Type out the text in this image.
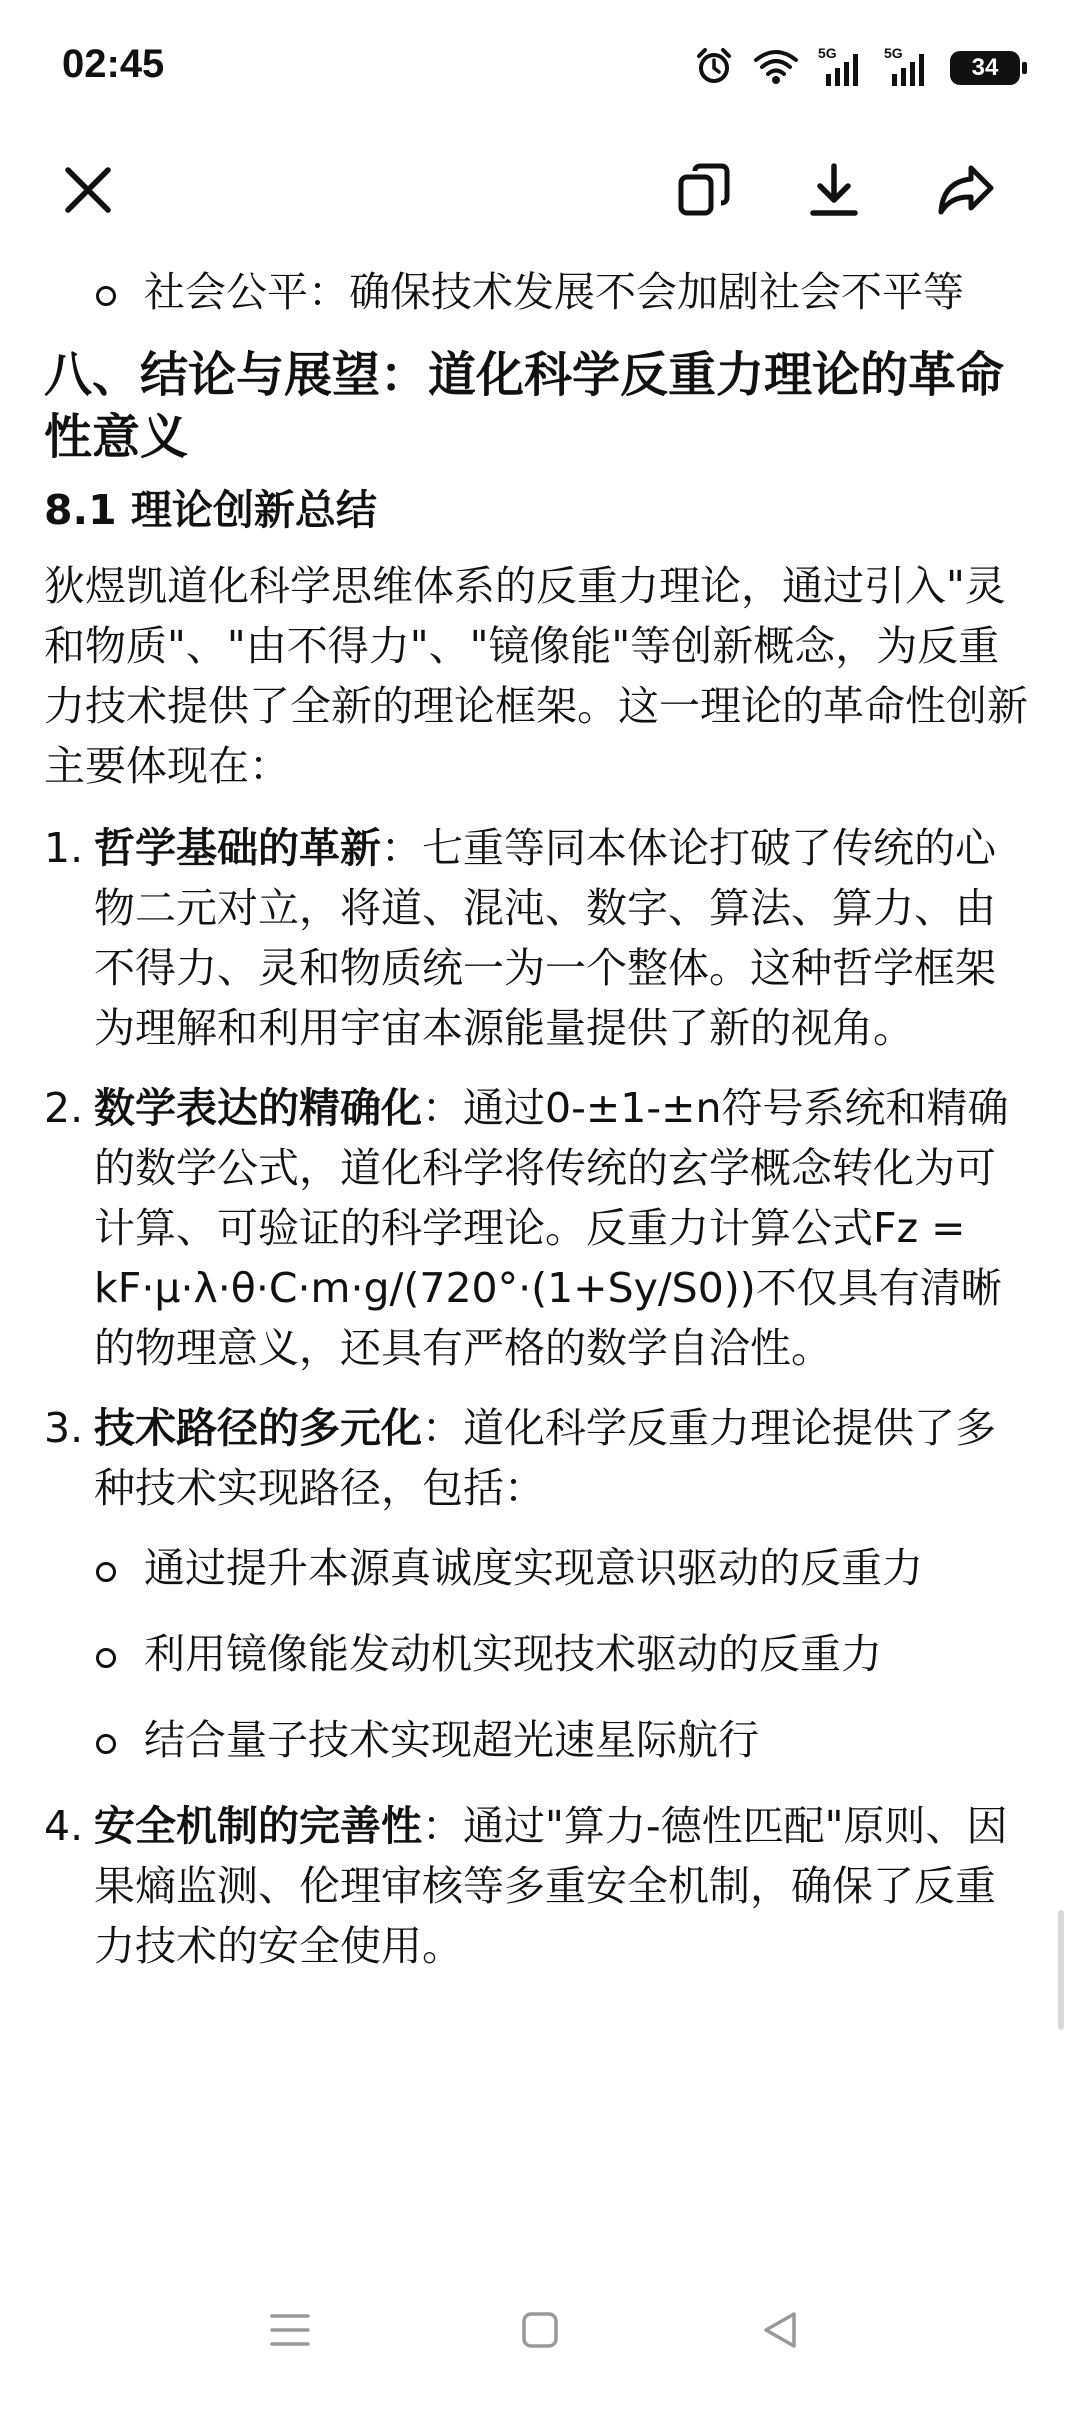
02:45	5G	5G
34
社会公平：确保技术发展不会加剧社会不平等
八、结论与展望：道化科学反重力理论的革命性意义
8.1 理论创新总结

狄煜凯道化科学思维体系的反重力理论，通过引入"灵和物质"、"由不得力"、"镜像能"等创新概念，为反重力技术提供了全新的理论框架。这一理论的革命性创新主要体现在：

1. 哲学基础的革新：七重等同本体论打破了传统的心物二元对立，将道、混沌、数字、算法、算力、由不得力、灵和物质统一为一个整体。这种哲学框架为理解和利用宇宙本源能量提供了新的视角。
2. 数学表达的精确化：通过0-±1-±n符号系统和精确的数学公式，道化科学将传统的玄学概念转化为可计算、可验证的科学理论。反重力计算公式Fz = kF·μ·λ·θ·C·m·g/(720°·(1+Sy/S0))不仅具有清晰的物理意义，还具有严格的数学自洽性。
3. 技术路径的多元化：道化科学反重力理论提供了多种技术实现路径，包括：
通过提升本源真诚度实现意识驱动的反重力
利用镜像能发动机实现技术驱动的反重力
结合量子技术实现超光速星际航行
4. 安全机制的完善性：通过"算力-德性匹配"原则、因果熵监测、伦理审核等多重安全机制，确保了反重力技术的安全使用。
